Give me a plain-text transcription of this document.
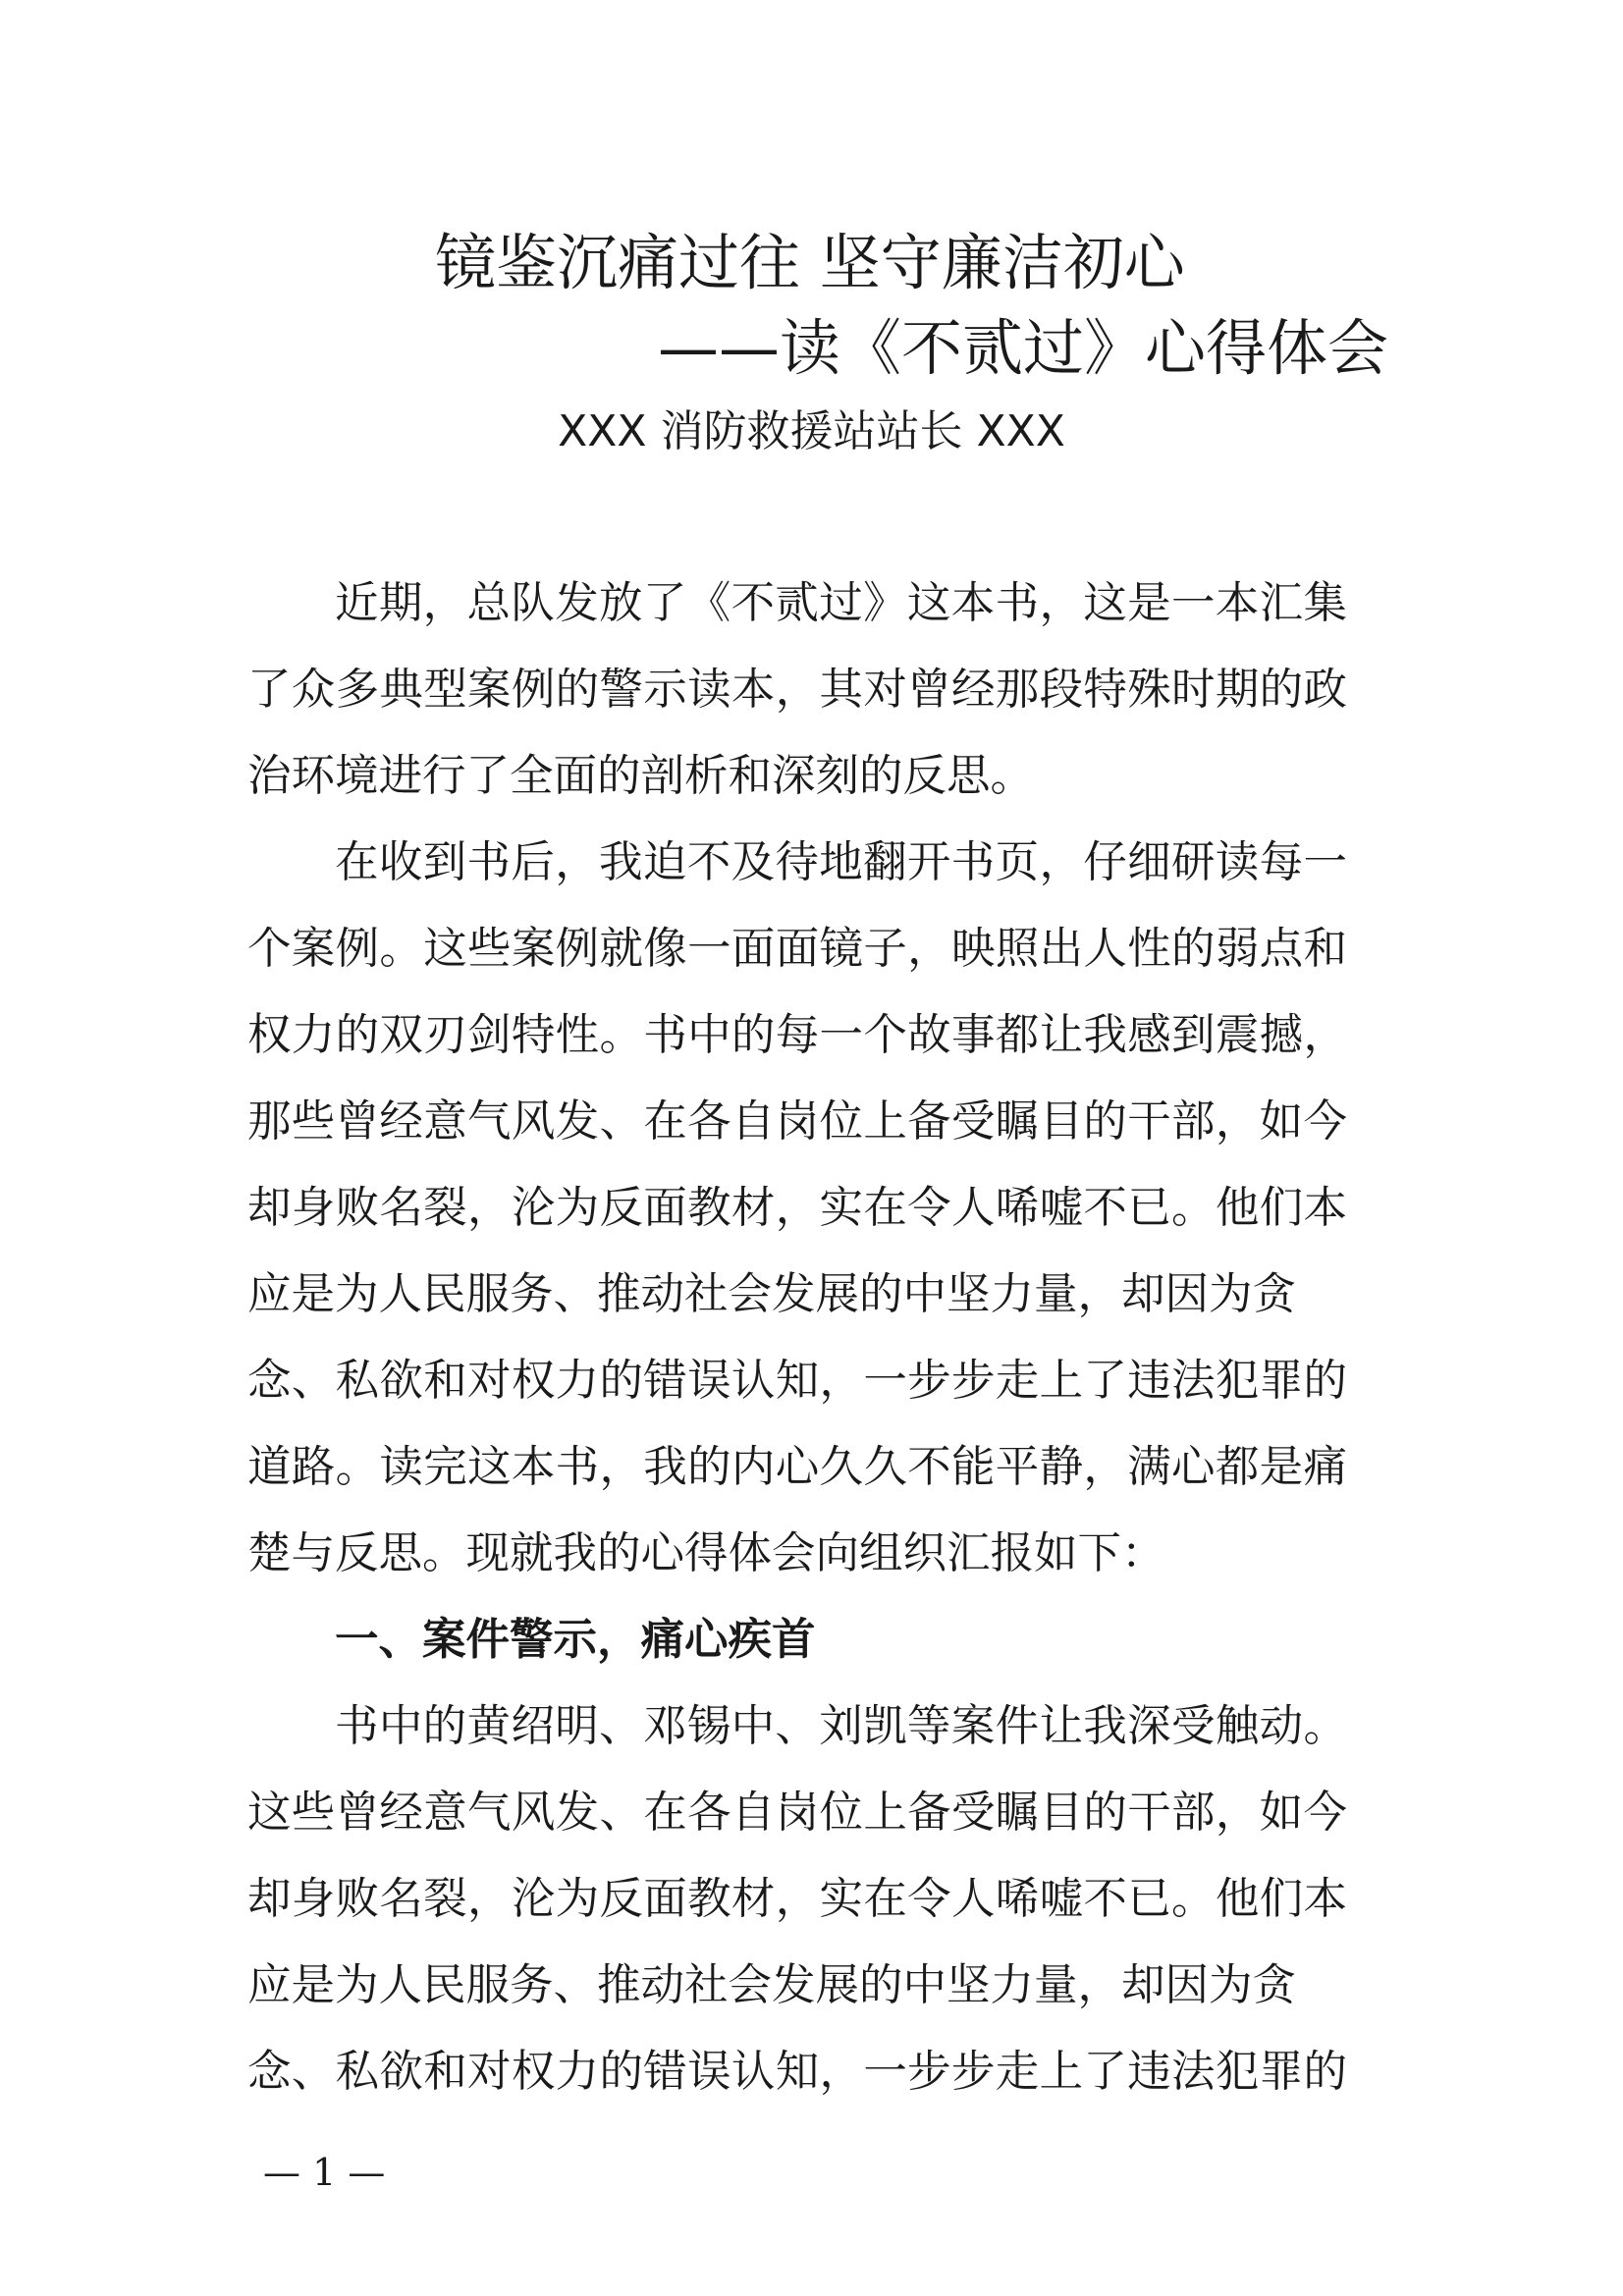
镜鉴沉痛过往 坚守廉洁初心
——读《不贰过》心得体会
XXX 消防救援站站长 XXX
近期，总队发放了《不贰过》这本书，这是一本汇集
了众多典型案例的警示读本，其对曾经那段特殊时期的政
治环境进行了全面的剖析和深刻的反思。
在收到书后，我迫不及待地翻开书页，仔细研读每一
个案例。这些案例就像一面面镜子，映照出人性的弱点和
权力的双刃剑特性。书中的每一个故事都让我感到震撼，
那些曾经意气风发、在各自岗位上备受瞩目的干部，如今
却身败名裂，沦为反面教材，实在令人唏嘘不已。他们本
应是为人民服务、推动社会发展的中坚力量，却因为贪
念、私欲和对权力的错误认知，一步步走上了违法犯罪的
道路。读完这本书，我的内心久久不能平静，满心都是痛
楚与反思。现就我的心得体会向组织汇报如下：
一、案件警示，痛心疾首
书中的黄绍明、邓锡中、刘凯等案件让我深受触动。
这些曾经意气风发、在各自岗位上备受瞩目的干部，如今
却身败名裂，沦为反面教材，实在令人唏嘘不已。他们本
应是为人民服务、推动社会发展的中坚力量，却因为贪
念、私欲和对权力的错误认知，一步步走上了违法犯罪的
— 1 —
